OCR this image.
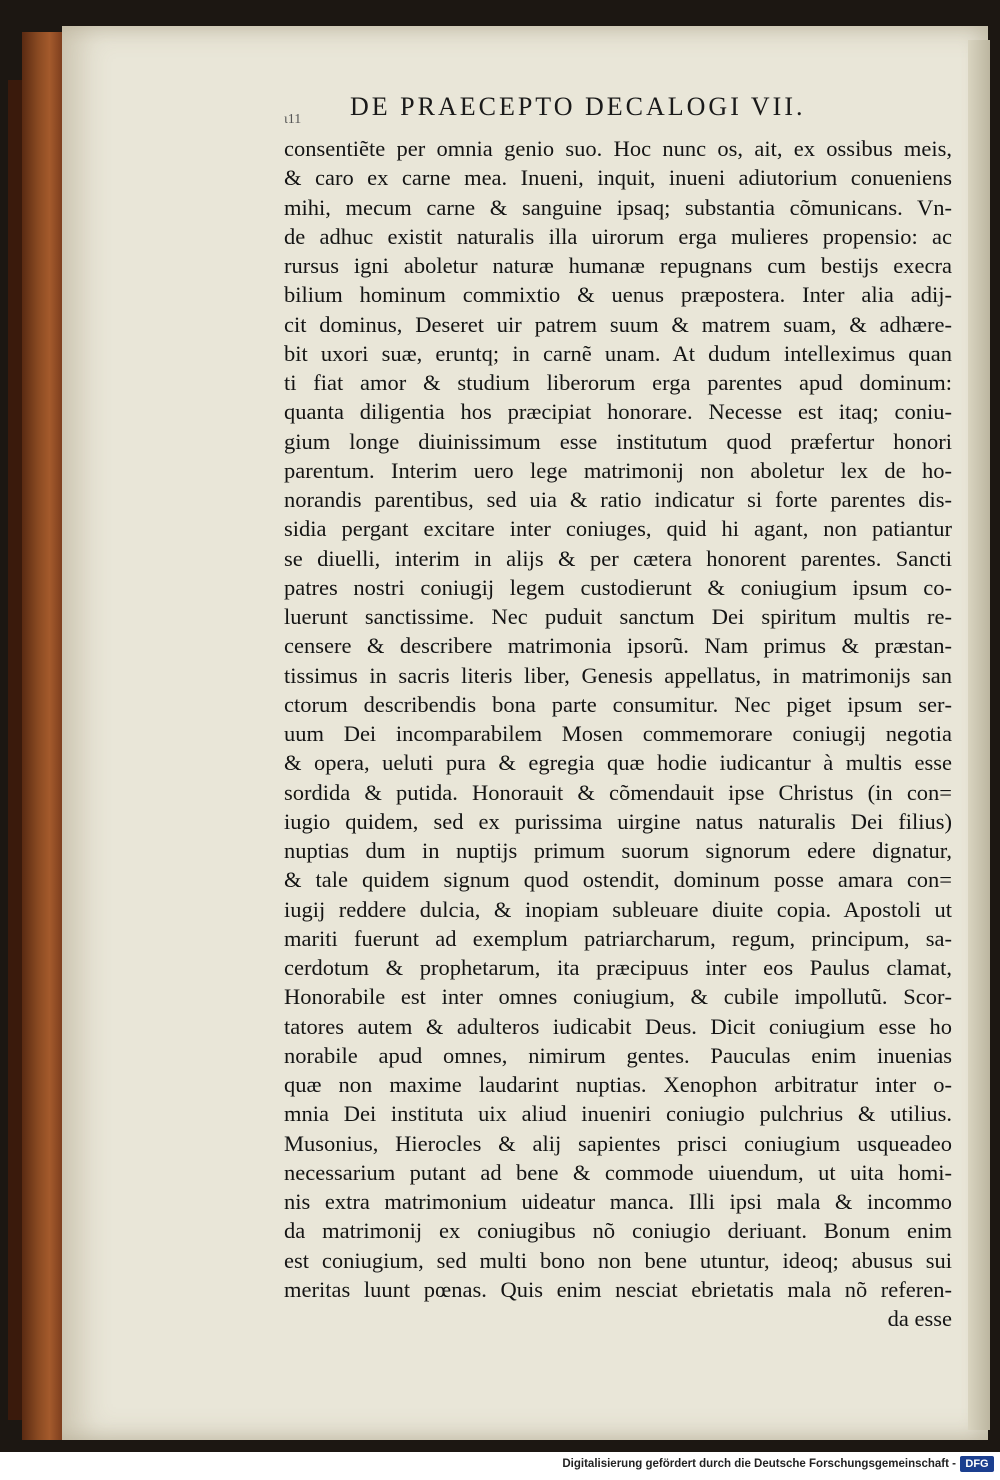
DE PRAECEPTO DECALOGI VII.
ι11
consentiẽte per omnia genio suo. Hoc nunc os, ait, ex ossibus meis,
& caro ex carne mea. Inueni, inquit, inueni adiutorium conueniens
mihi, mecum carne & sanguine ipsaq; substantia cõmunicans. Vn‐
de adhuc existit naturalis illa uirorum erga mulieres propensio: ac
rursus igni aboletur naturæ humanæ repugnans cum bestijs execra
bilium hominum commixtio & uenus præpostera. Inter alia adij‐
cit dominus, Deseret uir patrem suum & matrem suam, & adhære‐
bit uxori suæ, eruntq; in carnẽ unam. At dudum intelleximus quan
ti fiat amor & studium liberorum erga parentes apud dominum:
quanta diligentia hos præcipiat honorare. Necesse est itaq; coniu‐
gium longe diuinissimum esse institutum quod præfertur honori
parentum. Interim uero lege matrimonij non aboletur lex de ho‐
norandis parentibus, sed uia & ratio indicatur si forte parentes dis‐
sidia pergant excitare inter coniuges, quid hi agant, non patiantur
se diuelli, interim in alijs & per cætera honorent parentes. Sancti
patres nostri coniugij legem custodierunt & coniugium ipsum co‐
luerunt sanctissime. Nec puduit sanctum Dei spiritum multis re‐
censere & describere matrimonia ipsorũ. Nam primus & præstan‐
tissimus in sacris literis liber, Genesis appellatus, in matrimonijs san
ctorum describendis bona parte consumitur. Nec piget ipsum ser‐
uum Dei incomparabilem Mosen commemorare coniugij negotia
& opera, ueluti pura & egregia quæ hodie iudicantur à multis esse
sordida & putida. Honorauit & cõmendauit ipse Christus (in con=
iugio quidem, sed ex purissima uirgine natus naturalis Dei filius)
nuptias dum in nuptijs primum suorum signorum edere dignatur,
& tale quidem signum quod ostendit, dominum posse amara con=
iugij reddere dulcia, & inopiam subleuare diuite copia. Apostoli ut
mariti fuerunt ad exemplum patriarcharum, regum, principum, sa‐
cerdotum & prophetarum, ita præcipuus inter eos Paulus clamat,
Honorabile est inter omnes coniugium, & cubile impollutũ. Scor‐
tatores autem & adulteros iudicabit Deus. Dicit coniugium esse ho
norabile apud omnes, nimirum gentes. Pauculas enim inuenias
quæ non maxime laudarint nuptias. Xenophon arbitratur inter o‐
mnia Dei instituta uix aliud inueniri coniugio pulchrius & utilius.
Musonius, Hierocles & alij sapientes prisci coniugium usqueadeo
necessarium putant ad bene & commode uiuendum, ut uita homi‐
nis extra matrimonium uideatur manca. Illi ipsi mala & incommo
da matrimonij ex coniugibus nõ coniugio deriuant. Bonum enim
est coniugium, sed multi bono non bene utuntur, ideoq; abusus sui
meritas luunt pœnas. Quis enim nesciat ebrietatis mala nõ referen‐
da esse
Digitalisierung gefördert durch die Deutsche Forschungsgemeinschaft - DFG
